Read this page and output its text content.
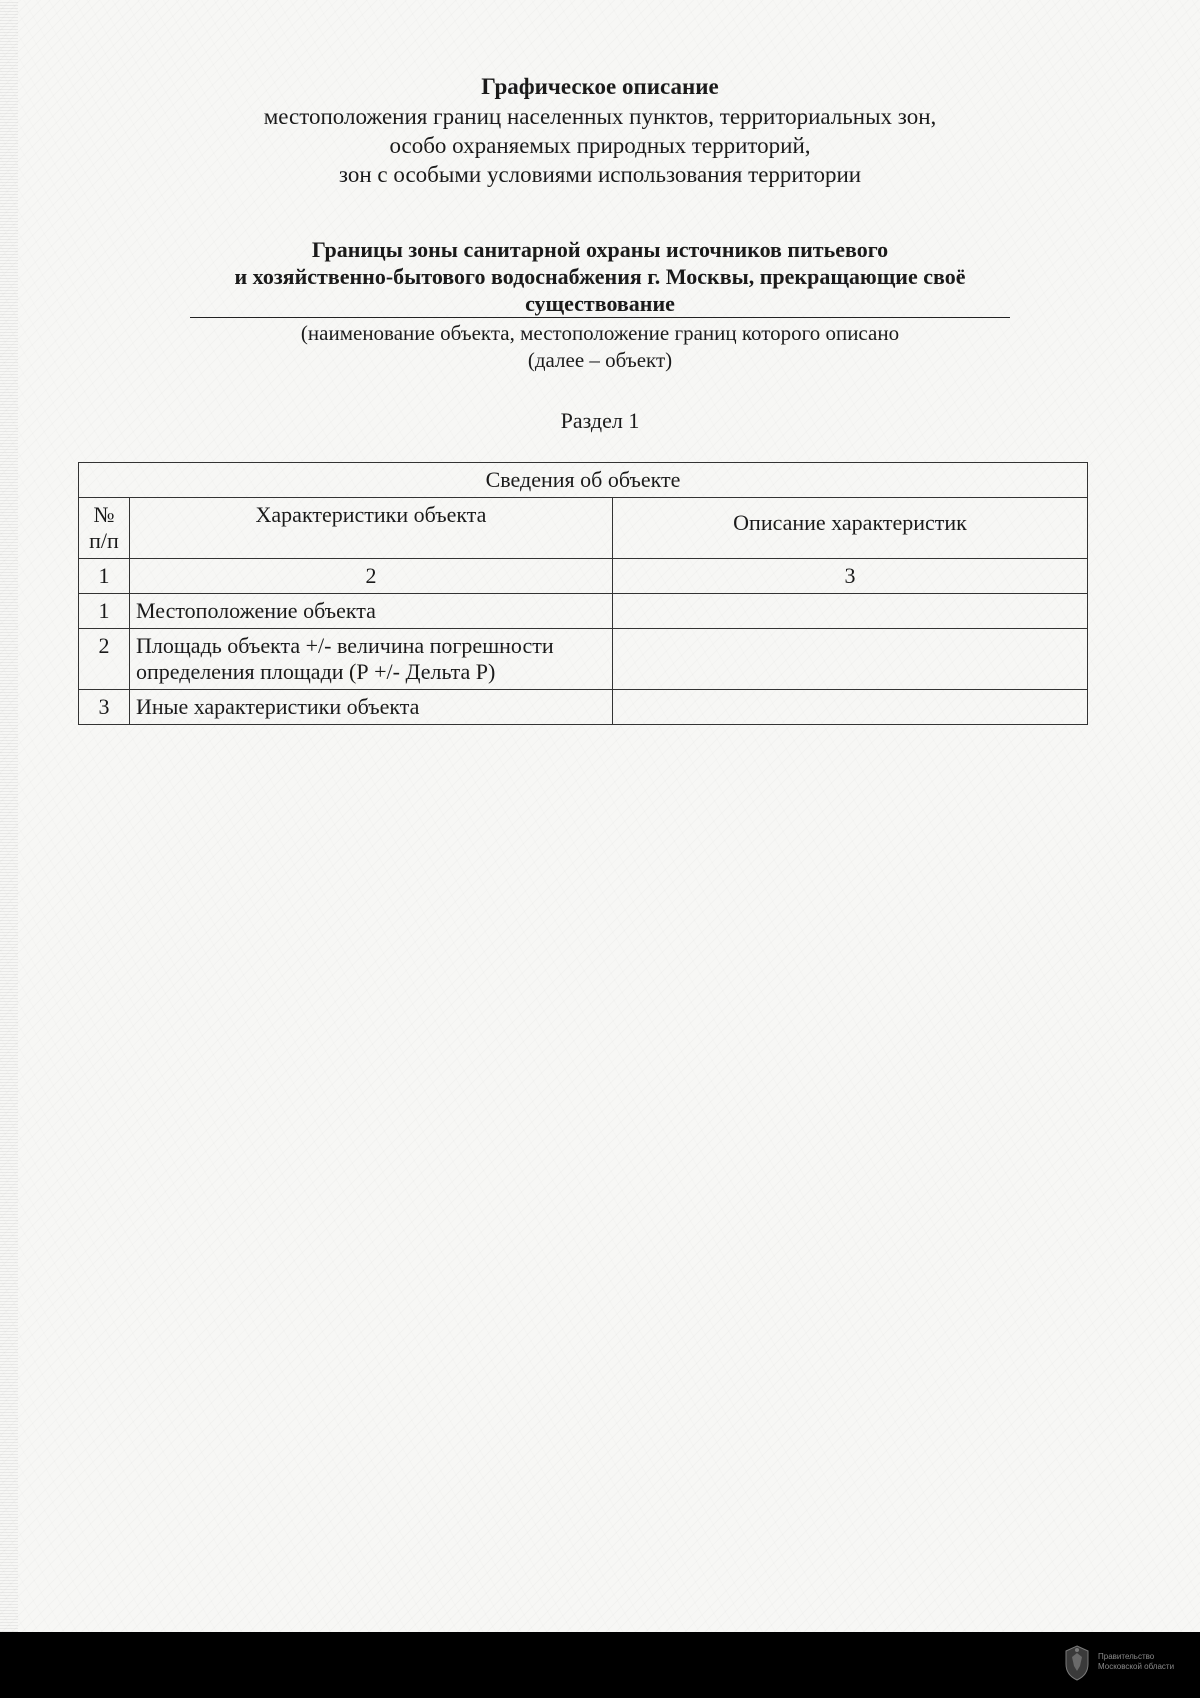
Графическое описание
местоположения границ населенных пунктов, территориальных зон,
особо охраняемых природных территорий,
зон с особыми условиями использования территории
Границы зоны санитарной охраны источников питьевого
и хозяйственно-бытового водоснабжения г. Москвы, прекращающие своё
существование
(наименование объекта, местоположение границ которого описано
(далее – объект)
Раздел 1
Сведения об объекте		
№ п/п	Характеристики объекта	Описание характеристик
1	2	3
1	Местоположение объекта	
2	Площадь объекта +/- величина погрешности определения площади (Р +/- Дельта Р)	
3	Иные характеристики объекта	
Правительство
Московской области
